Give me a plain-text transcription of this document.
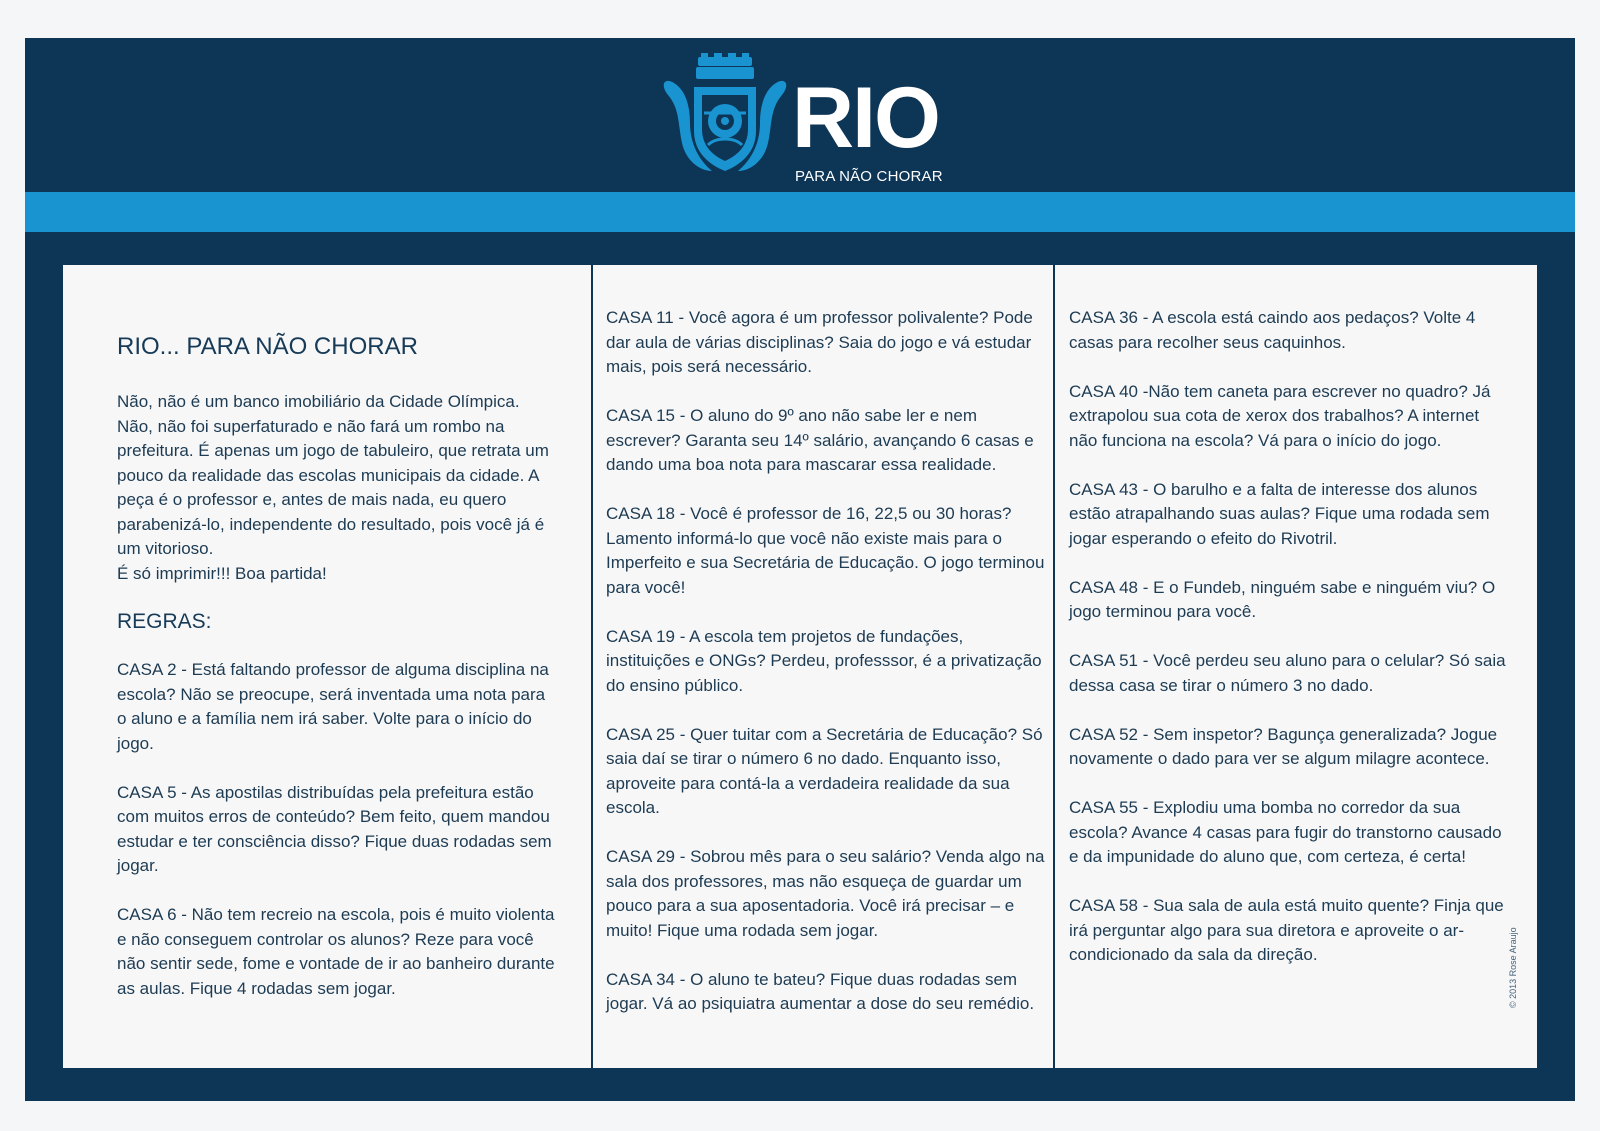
RIO
PARA NÃO CHORAR
RIO... PARA NÃO CHORAR

Não, não é um banco imobiliário da Cidade Olímpica. Não, não foi superfaturado e não fará um rombo na prefeitura. É apenas um jogo de tabuleiro, que retrata um pouco da realidade das escolas municipais da cidade. A peça é o professor e, antes de mais nada, eu quero parabenizá-lo, independente do resultado, pois você já é um vitorioso.

É só imprimir!!! Boa partida!

REGRAS:

CASA 2 - Está faltando professor de alguma disciplina na escola? Não se preocupe, será inventada uma nota para o aluno e a família nem irá saber. Volte para o início do jogo.

CASA 5 - As apostilas distribuídas pela prefeitura estão com muitos erros de conteúdo? Bem feito, quem mandou estudar e ter consciência disso? Fique duas rodadas sem jogar.

CASA 6 - Não tem recreio na escola, pois é muito violenta e não conseguem controlar os alunos? Reze para você não sentir sede, fome e vontade de ir ao banheiro durante as aulas. Fique 4 rodadas sem jogar.

CASA 11 - Você agora é um professor polivalente? Pode dar aula de várias disciplinas? Saia do jogo e vá estudar mais, pois será necessário.

CASA 15 - O aluno do 9º ano não sabe ler e nem escrever? Garanta seu 14º salário, avançando 6 casas e dando uma boa nota para mascarar essa realidade.

CASA 18 - Você é professor de 16, 22,5 ou 30 horas? Lamento informá-lo que você não existe mais para o Imperfeito e sua Secretária de Educação. O jogo terminou para você!

CASA 19 - A escola tem projetos de fundações, instituições e ONGs? Perdeu, professsor, é a privatização do ensino público.

CASA 25 - Quer tuitar com a Secretária de Educação? Só saia daí se tirar o número 6 no dado. Enquanto isso, aproveite para contá-la a verdadeira realidade da sua escola.

CASA 29 - Sobrou mês para o seu salário? Venda algo na sala dos professores, mas não esqueça de guardar um pouco para a sua aposentadoria. Você irá precisar – e muito! Fique uma rodada sem jogar.

CASA 34 - O aluno te bateu? Fique duas rodadas sem jogar. Vá ao psiquiatra aumentar a dose do seu remédio.

CASA 36 - A escola está caindo aos pedaços? Volte 4 casas para recolher seus caquinhos.

CASA 40 -Não tem caneta para escrever no quadro? Já extrapolou sua cota de xerox dos trabalhos? A internet não funciona na escola? Vá para o início do jogo.

CASA 43 - O barulho e a falta de interesse dos alunos estão atrapalhando suas aulas? Fique uma rodada sem jogar esperando o efeito do Rivotril.

CASA 48 - E o Fundeb, ninguém sabe e ninguém viu? O jogo terminou para você.

CASA 51 - Você perdeu seu aluno para o celular? Só saia dessa casa se tirar o número 3 no dado.

CASA 52 - Sem inspetor? Bagunça generalizada? Jogue novamente o dado para ver se algum milagre acontece.

CASA 55 - Explodiu uma bomba no corredor da sua escola? Avance 4 casas para fugir do transtorno causado e da impunidade do aluno que, com certeza, é certa!

CASA 58 - Sua sala de aula está muito quente? Finja que irá perguntar algo para sua diretora e aproveite o ar-condicionado da sala da direção.	© 2013 Rose Araujo
